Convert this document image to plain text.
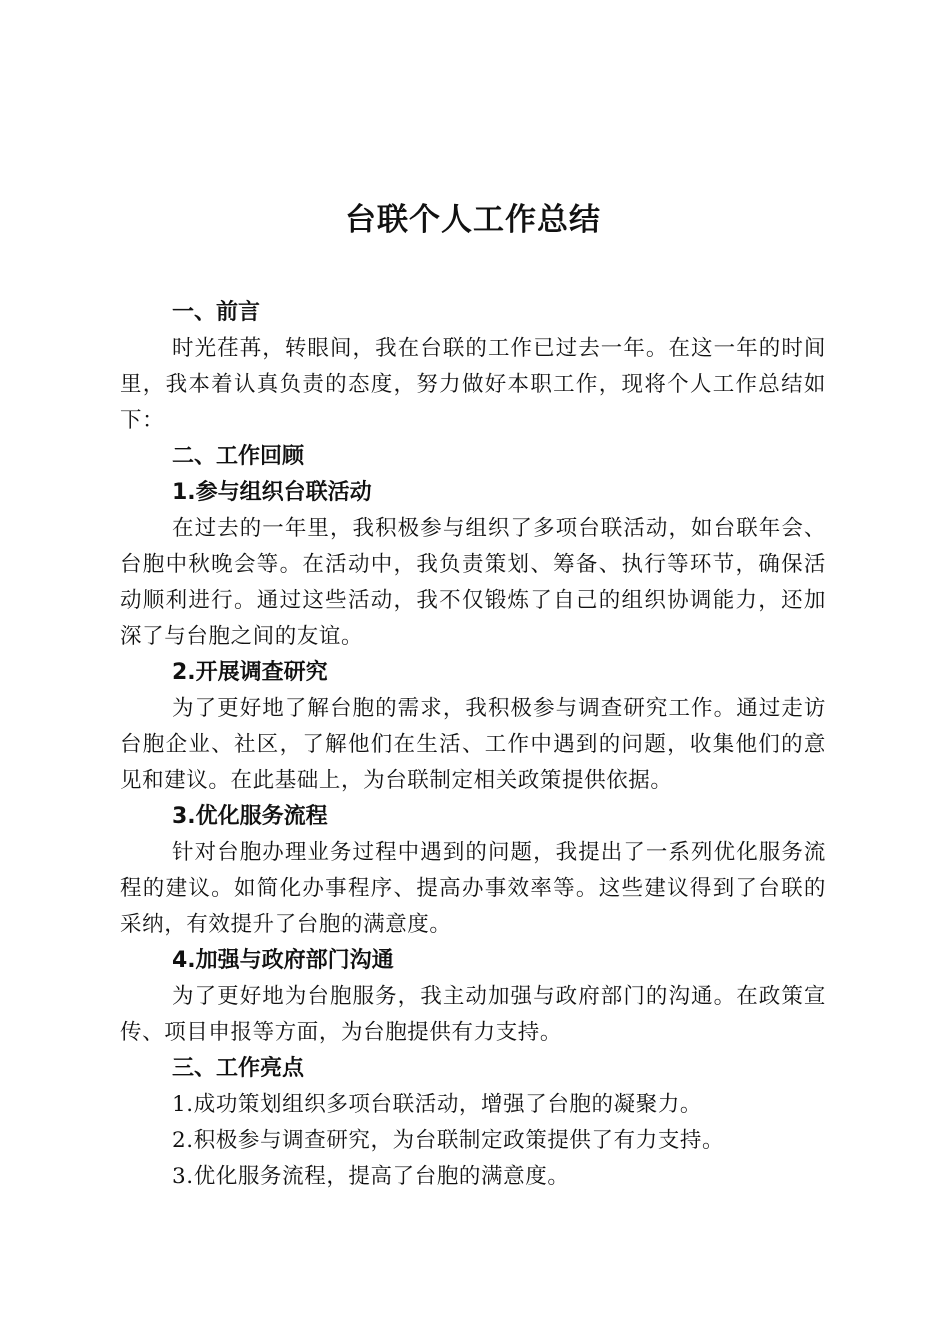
台联个人工作总结
一、前言
时光荏苒，转眼间，我在台联的工作已过去一年。在这一年的时间里，我本着认真负责的态度，努力做好本职工作，现将个人工作总结如下：
二、工作回顾
1.参与组织台联活动
在过去的一年里，我积极参与组织了多项台联活动，如台联年会、台胞中秋晚会等。在活动中，我负责策划、筹备、执行等环节，确保活动顺利进行。通过这些活动，我不仅锻炼了自己的组织协调能力，还加深了与台胞之间的友谊。
2.开展调查研究
为了更好地了解台胞的需求，我积极参与调查研究工作。通过走访台胞企业、社区，了解他们在生活、工作中遇到的问题，收集他们的意见和建议。在此基础上，为台联制定相关政策提供依据。
3.优化服务流程
针对台胞办理业务过程中遇到的问题，我提出了一系列优化服务流程的建议。如简化办事程序、提高办事效率等。这些建议得到了台联的采纳，有效提升了台胞的满意度。
4.加强与政府部门沟通
为了更好地为台胞服务，我主动加强与政府部门的沟通。在政策宣传、项目申报等方面，为台胞提供有力支持。
三、工作亮点
1.成功策划组织多项台联活动，增强了台胞的凝聚力。
2.积极参与调查研究，为台联制定政策提供了有力支持。
3.优化服务流程，提高了台胞的满意度。
